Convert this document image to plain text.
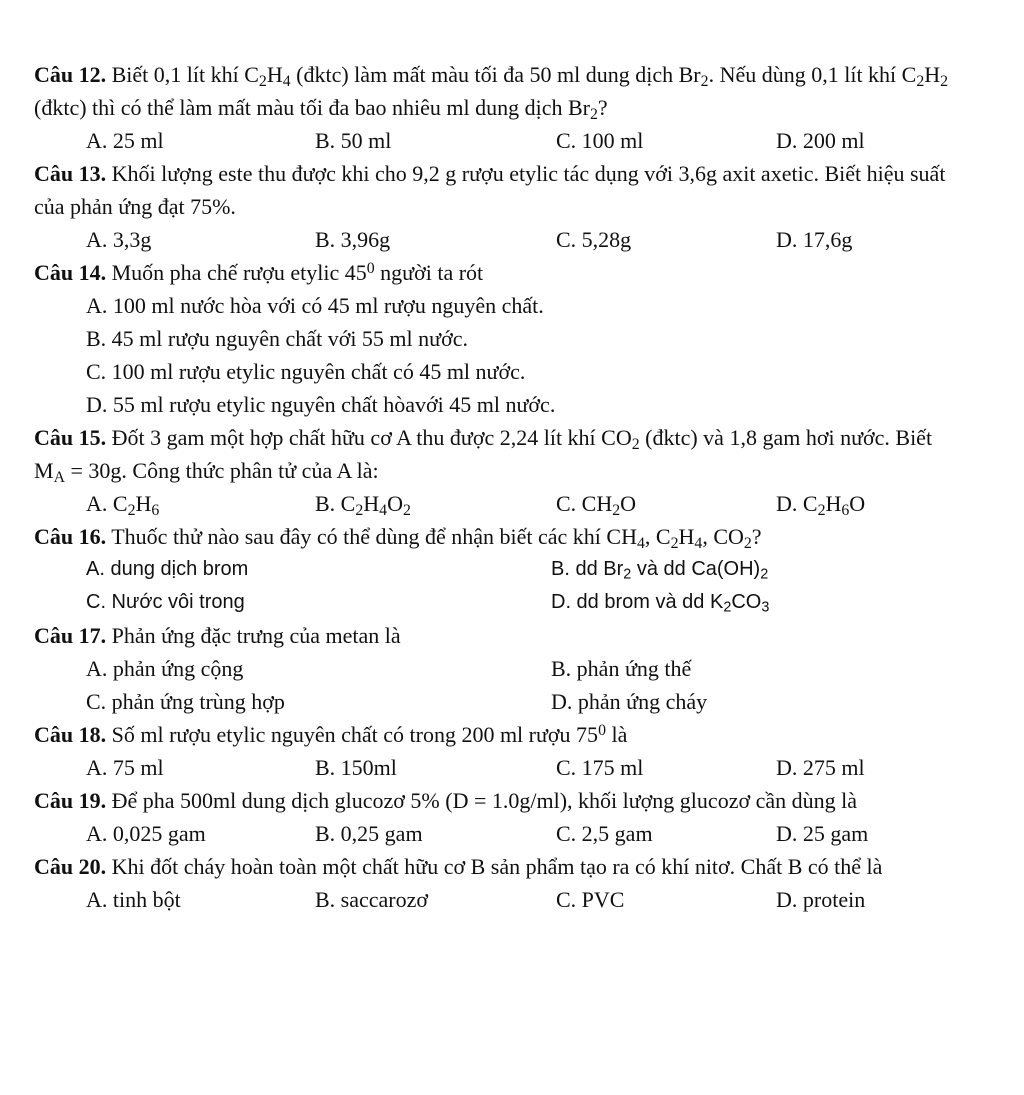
Câu 12. Biết 0,1 lít khí $C_2H_4$ (đktc) làm mất màu tối đa 50 ml dung dịch $Br_2$. Nếu dùng 0,1 lít khí $C_2H_2$ (đktc) thì có thể làm mất màu tối đa bao nhiêu ml dung dịch $Br_2$?

A. 25 ml	B. 50 ml	C. 100 ml	D. 200 ml

Câu 13. Khối lượng este thu được khi cho 9,2 g rượu etylic tác dụng với 3,6g axit axetic. Biết hiệu suất của phản ứng đạt 75%.

A. 3,3g	B. 3,96g	C. 5,28g	D. 17,6g

Câu 14. Muốn pha chế rượu etylic $45^0$ người ta rót

A. 100 ml nước hòa với có 45 ml rượu nguyên chất.
B. 45 ml rượu nguyên chất với 55 ml nước.
C. 100 ml rượu etylic nguyên chất có 45 ml nước.
D. 55 ml rượu etylic nguyên chất hòavới 45 ml nước.

Câu 15. Đốt 3 gam một hợp chất hữu cơ A thu được 2,24 lít khí $CO_2$ (đktc) và 1,8 gam hơi nước. Biết $M_A = 30g$. Công thức phân tử của A là:

A. $C_2H_6$	B. $C_2H_4O_2$	C. $CH_2O$	D. $C_2H_6O$

Câu 16. Thuốc thử nào sau đây có thể dùng để nhận biết các khí $CH_4$, $C_2H_4$, $CO_2$?

A. dung dịch brom	B. dd $Br_2$ và dd $Ca(OH)_2$
C. Nước vôi trong	D. dd brom và dd $K_2CO_3$

Câu 17. Phản ứng đặc trưng của metan là

A. phản ứng cộng	B. phản ứng thế
C. phản ứng trùng hợp	D. phản ứng cháy

Câu 18. Số ml rượu etylic nguyên chất có trong 200 ml rượu $75^0$ là

A. 75 ml	B. 150ml	C. 175 ml	D. 275 ml

Câu 19. Để pha 500ml dung dịch glucozơ 5% (D = 1.0g/ml), khối lượng glucozơ cần dùng là

A. 0,025 gam	B. 0,25 gam	C. 2,5 gam	D. 25 gam

Câu 20. Khi đốt cháy hoàn toàn một chất hữu cơ B sản phẩm tạo ra có khí nitơ. Chất B có thể là

A. tinh bột	B. saccarozơ	C. PVC	D. protein
